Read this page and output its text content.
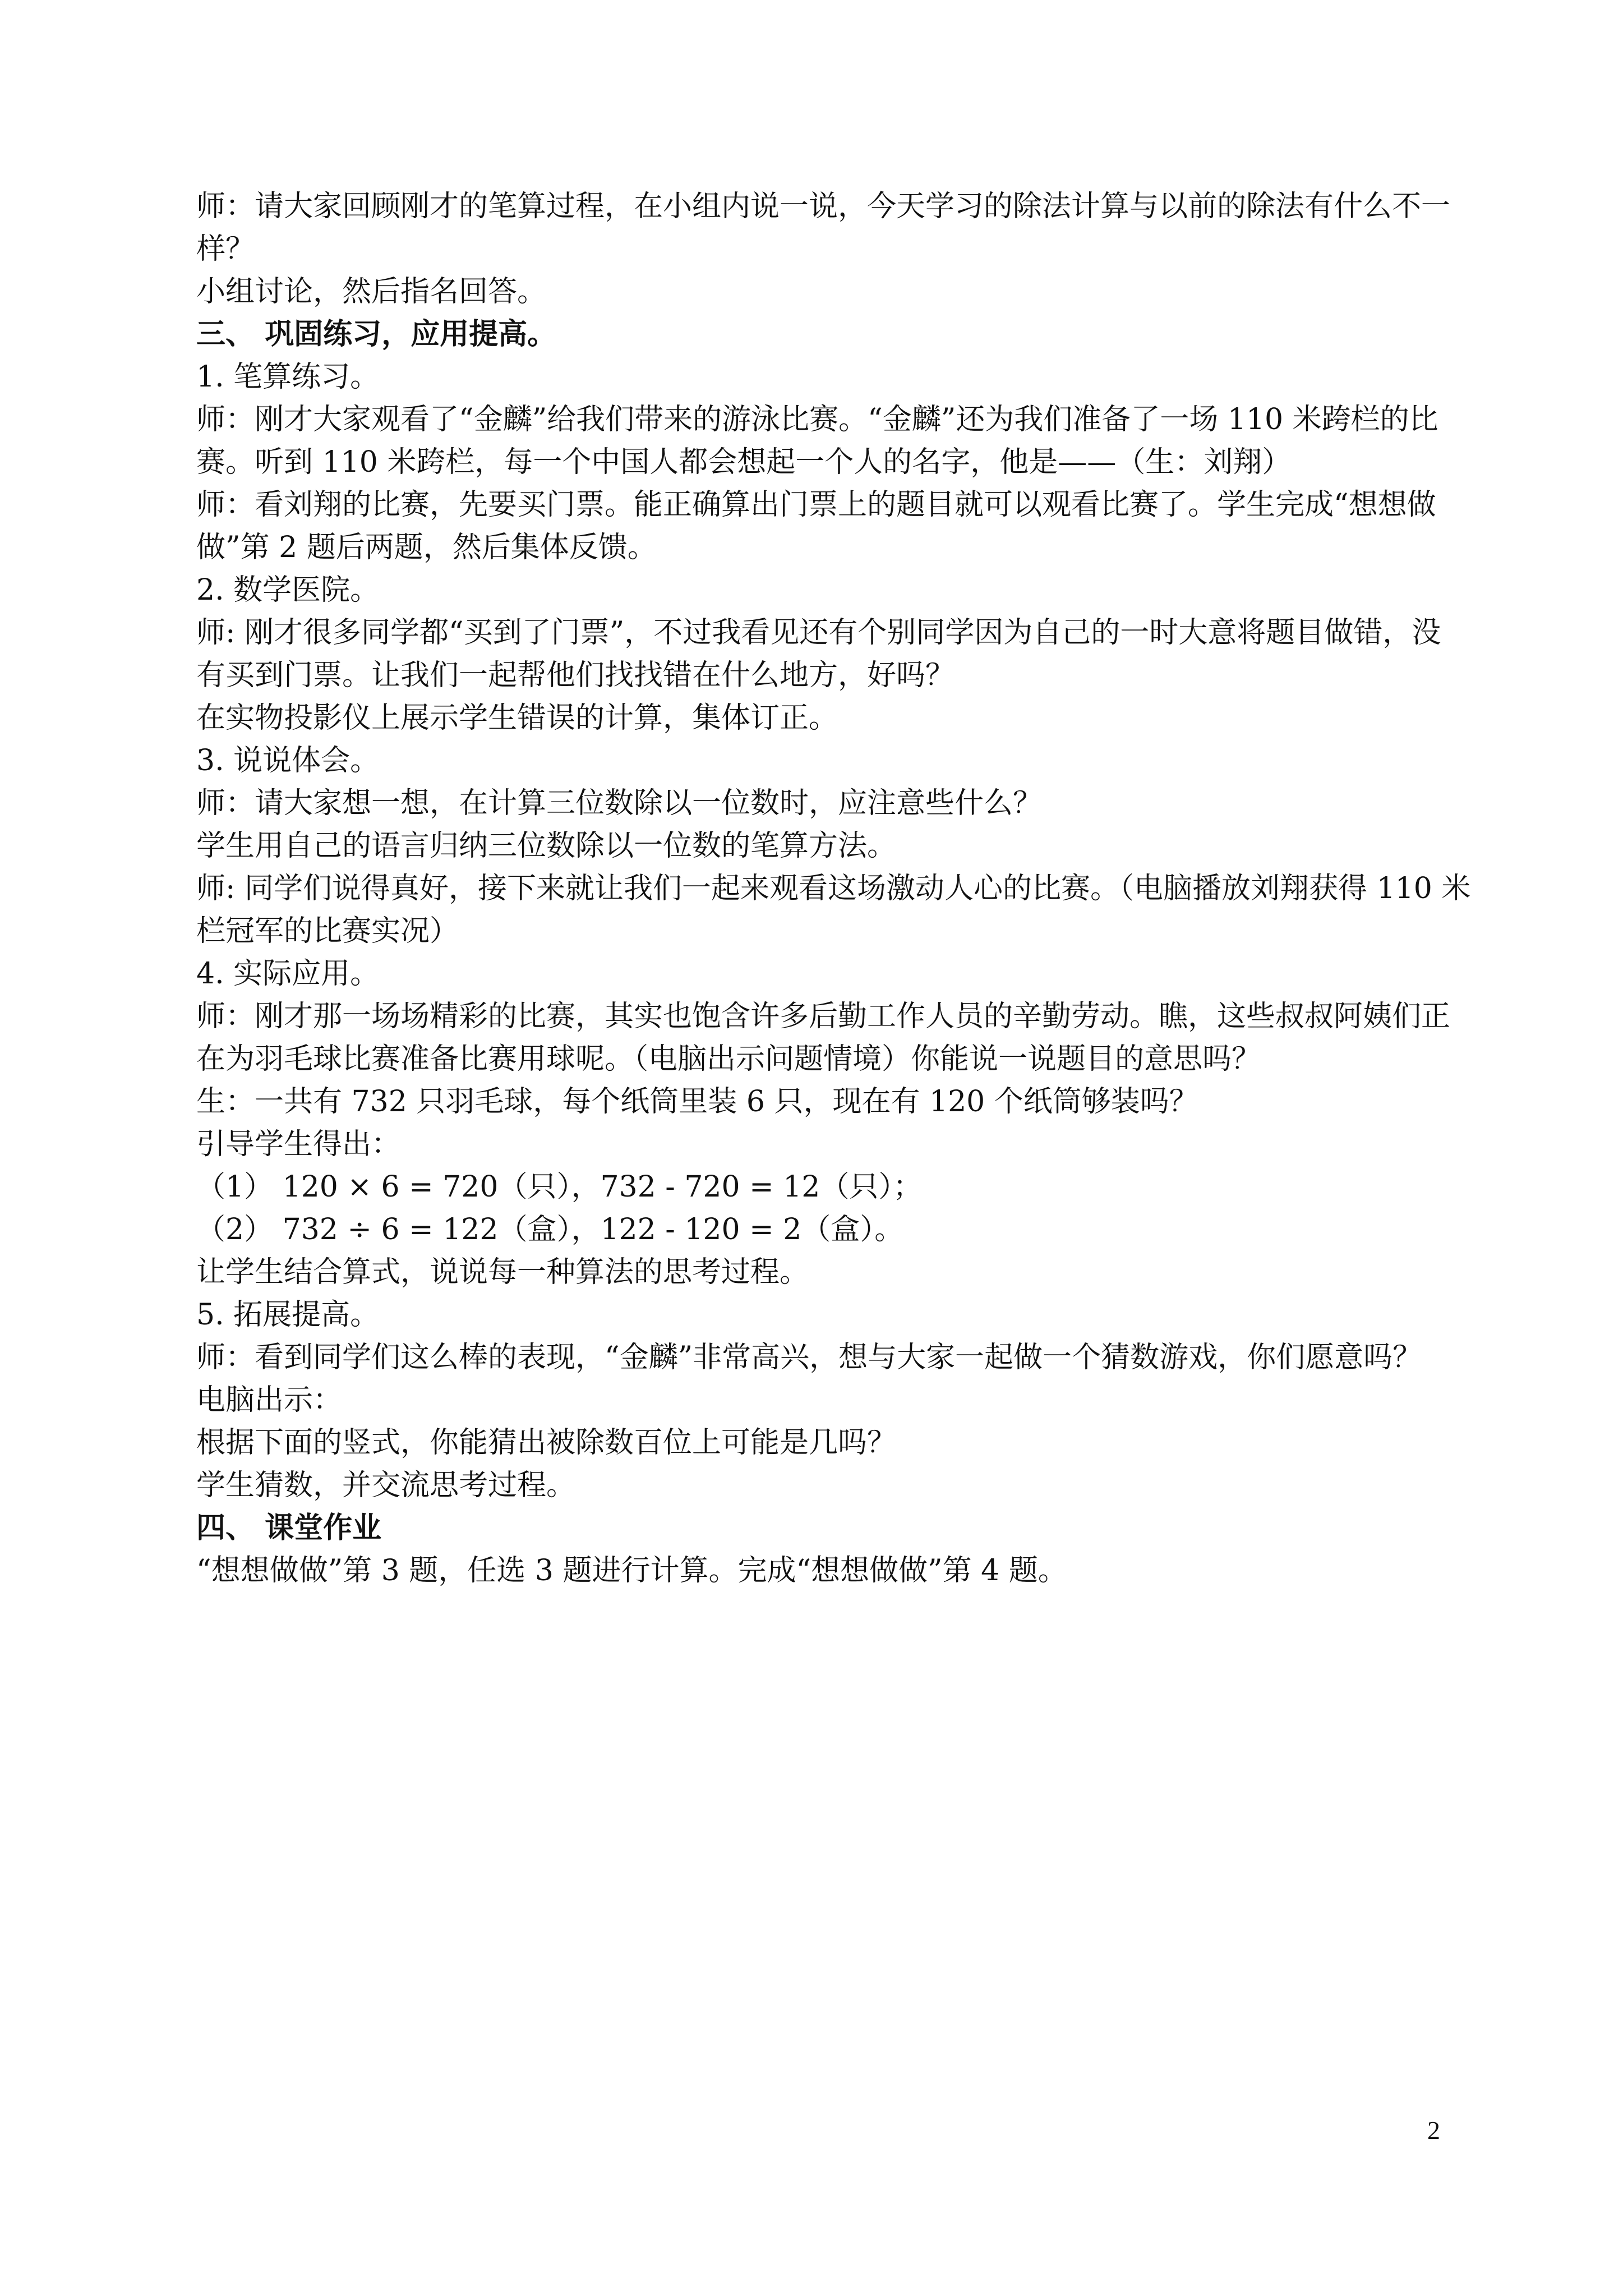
师：请大家回顾刚才的笔算过程，在小组内说一说，今天学习的除法计算与以前的除法有什么不一

样？

小组讨论，然后指名回答。

三、 巩固练习，应用提高。

1. 笔算练习。

师：刚才大家观看了“金麟”给我们带来的游泳比赛。“金麟”还为我们准备了一场 110 米跨栏的比

赛。听到 110 米跨栏，每一个中国人都会想起一个人的名字，他是——（生：刘翔）

师：看刘翔的比赛，先要买门票。能正确算出门票上的题目就可以观看比赛了。学生完成“想想做

做”第 2 题后两题，然后集体反馈。

2. 数学医院。

师: 刚才很多同学都“买到了门票”，不过我看见还有个别同学因为自己的一时大意将题目做错，没

有买到门票。让我们一起帮他们找找错在什么地方，好吗？

在实物投影仪上展示学生错误的计算，集体订正。

3. 说说体会。

师：请大家想一想，在计算三位数除以一位数时，应注意些什么？

学生用自己的语言归纳三位数除以一位数的笔算方法。

师: 同学们说得真好，接下来就让我们一起来观看这场激动人心的比赛。（电脑播放刘翔获得 110 米

栏冠军的比赛实况）

4. 实际应用。

师：刚才那一场场精彩的比赛，其实也饱含许多后勤工作人员的辛勤劳动。瞧，这些叔叔阿姨们正

在为羽毛球比赛准备比赛用球呢。（电脑出示问题情境）你能说一说题目的意思吗？

生：一共有 732 只羽毛球，每个纸筒里装 6 只，现在有 120 个纸筒够装吗？

引导学生得出：

（1） 120 × 6 = 720（只），732 - 720 = 12（只）；

（2） 732 ÷ 6 = 122（盒），122 - 120 = 2（盒）。

让学生结合算式，说说每一种算法的思考过程。

5. 拓展提高。

师：看到同学们这么棒的表现，“金麟”非常高兴，想与大家一起做一个猜数游戏，你们愿意吗？

电脑出示：

根据下面的竖式，你能猜出被除数百位上可能是几吗？

学生猜数，并交流思考过程。

四、 课堂作业

“想想做做”第 3 题，任选 3 题进行计算。完成“想想做做”第 4 题。

2
